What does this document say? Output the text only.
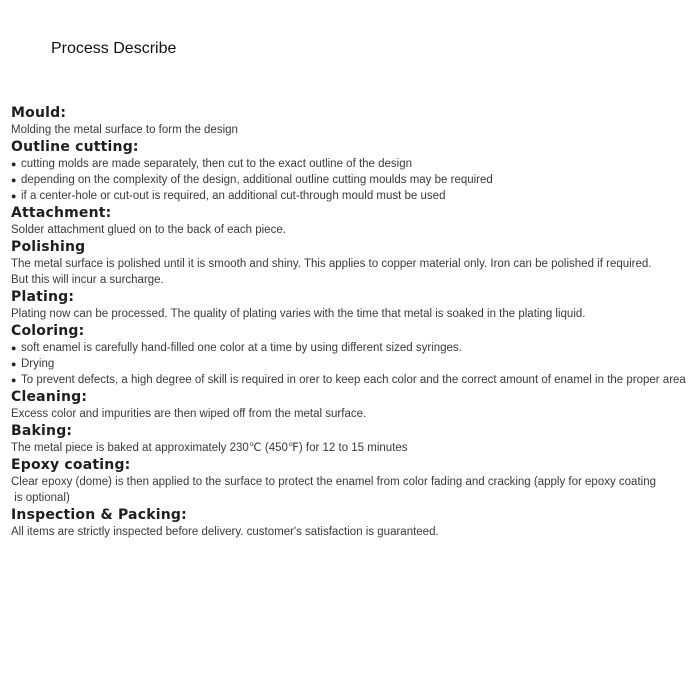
Process Describe
Mould:
Molding the metal surface to form the design
Outline cutting:
● cutting molds are made separately, then cut to the exact outline of the design
● depending on the complexity of the design, additional outline cutting moulds may be required
● if a center-hole or cut-out is required, an additional cut-through mould must be used
Attachment:
Solder attachment glued on to the back of each piece.
Polishing
The metal surface is polished until it is smooth and shiny. This applies to copper material only. Iron can be polished if required.
But this will incur a surcharge.
Plating:
Plating now can be processed. The quality of plating varies with the time that metal is soaked in the plating liquid.
Coloring:
● soft enamel is carefully hand-filled one color at a time by using different sized syringes.
● Drying
● To prevent defects, a high degree of skill is required in orer to keep each color and the correct amount of enamel in the proper area
Cleaning:
Excess color and impurities are then wiped off from the metal surface.
Baking:
The metal piece is baked at approximately 230℃ (450℉) for 12 to 15 minutes
Epoxy coating:
Clear epoxy (dome) is then applied to the surface to protect the enamel from color fading and cracking (apply for epoxy coating
is optional)
Inspection & Packing:
All items are strictly inspected before delivery. customer's satisfaction is guaranteed.
